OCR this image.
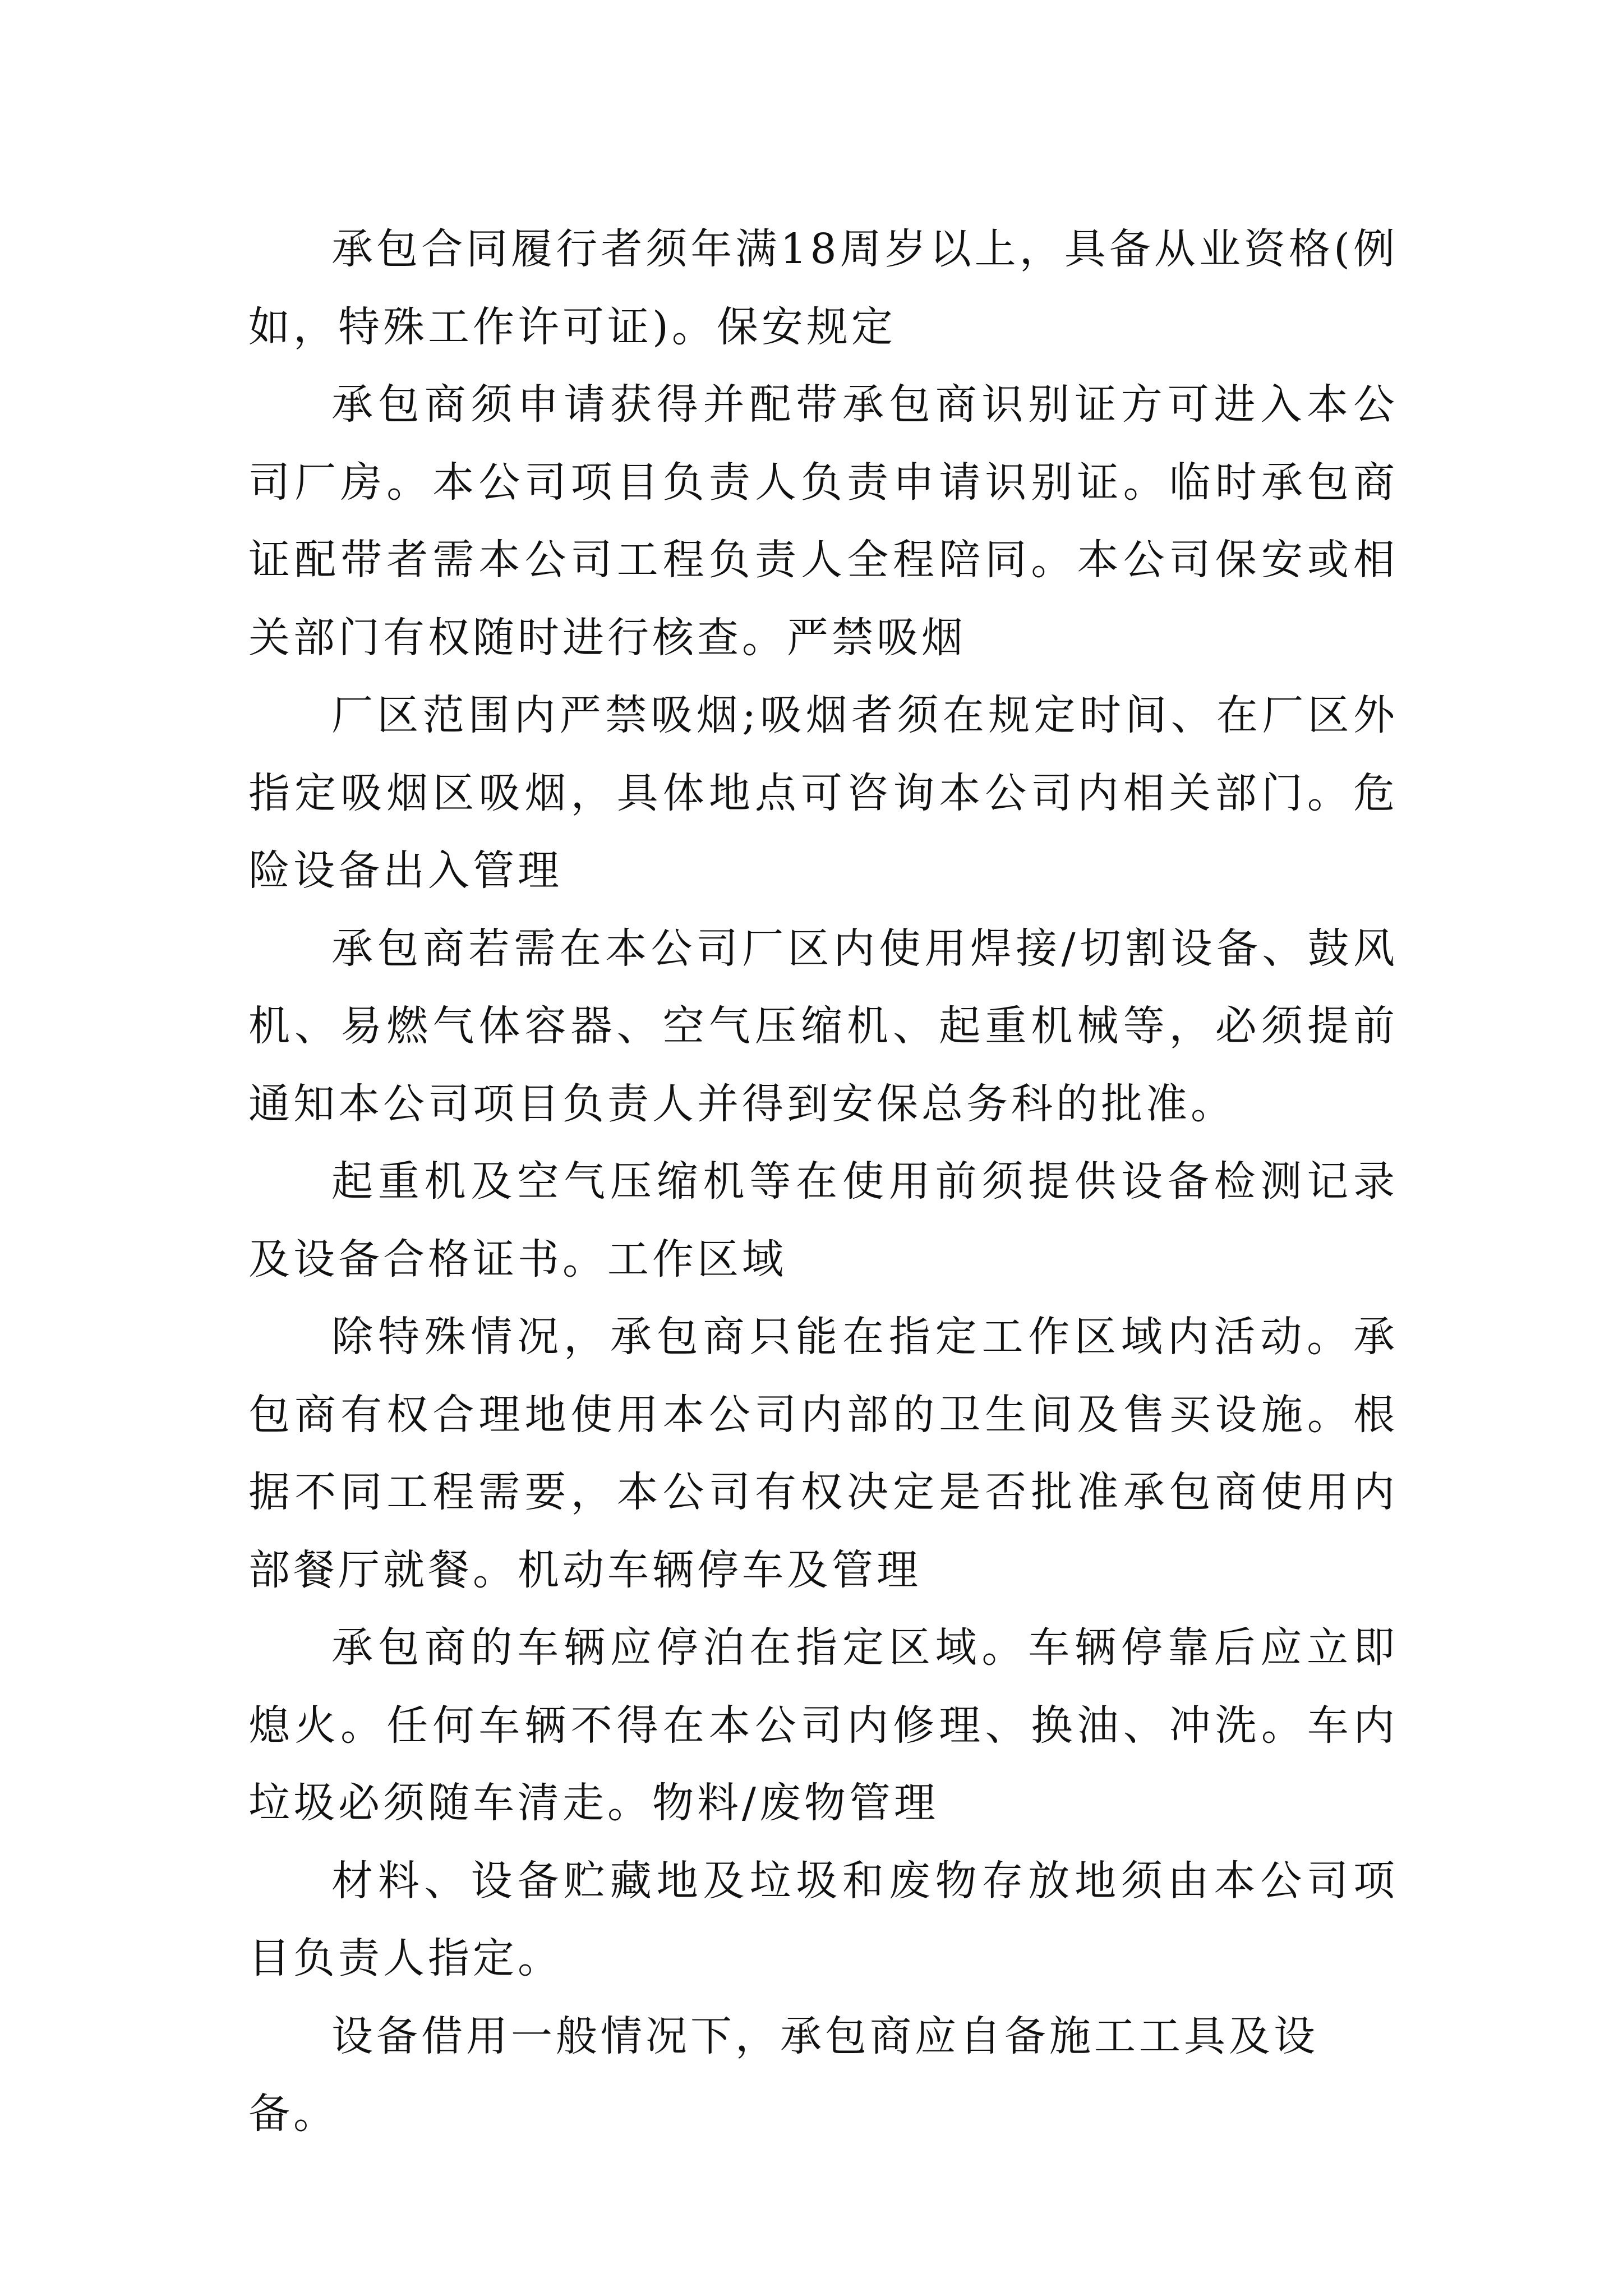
承包合同履行者须年满18周岁以上，具备从业资格(例如，特殊工作许可证)。保安规定

承包商须申请获得并配带承包商识别证方可进入本公司厂房。本公司项目负责人负责申请识别证。临时承包商证配带者需本公司工程负责人全程陪同。本公司保安或相关部门有权随时进行核查。严禁吸烟

厂区范围内严禁吸烟;吸烟者须在规定时间、在厂区外指定吸烟区吸烟，具体地点可咨询本公司内相关部门。危险设备出入管理

承包商若需在本公司厂区内使用焊接/切割设备、鼓风机、易燃气体容器、空气压缩机、起重机械等，必须提前通知本公司项目负责人并得到安保总务科的批准。

起重机及空气压缩机等在使用前须提供设备检测记录及设备合格证书。工作区域

除特殊情况，承包商只能在指定工作区域内活动。承包商有权合理地使用本公司内部的卫生间及售买设施。根据不同工程需要，本公司有权决定是否批准承包商使用内部餐厅就餐。机动车辆停车及管理

承包商的车辆应停泊在指定区域。车辆停靠后应立即熄火。任何车辆不得在本公司内修理、换油、冲洗。车内垃圾必须随车清走。物料/废物管理

材料、设备贮藏地及垃圾和废物存放地须由本公司项目负责人指定。

设备借用一般情况下，承包商应自备施工工具及设备。
